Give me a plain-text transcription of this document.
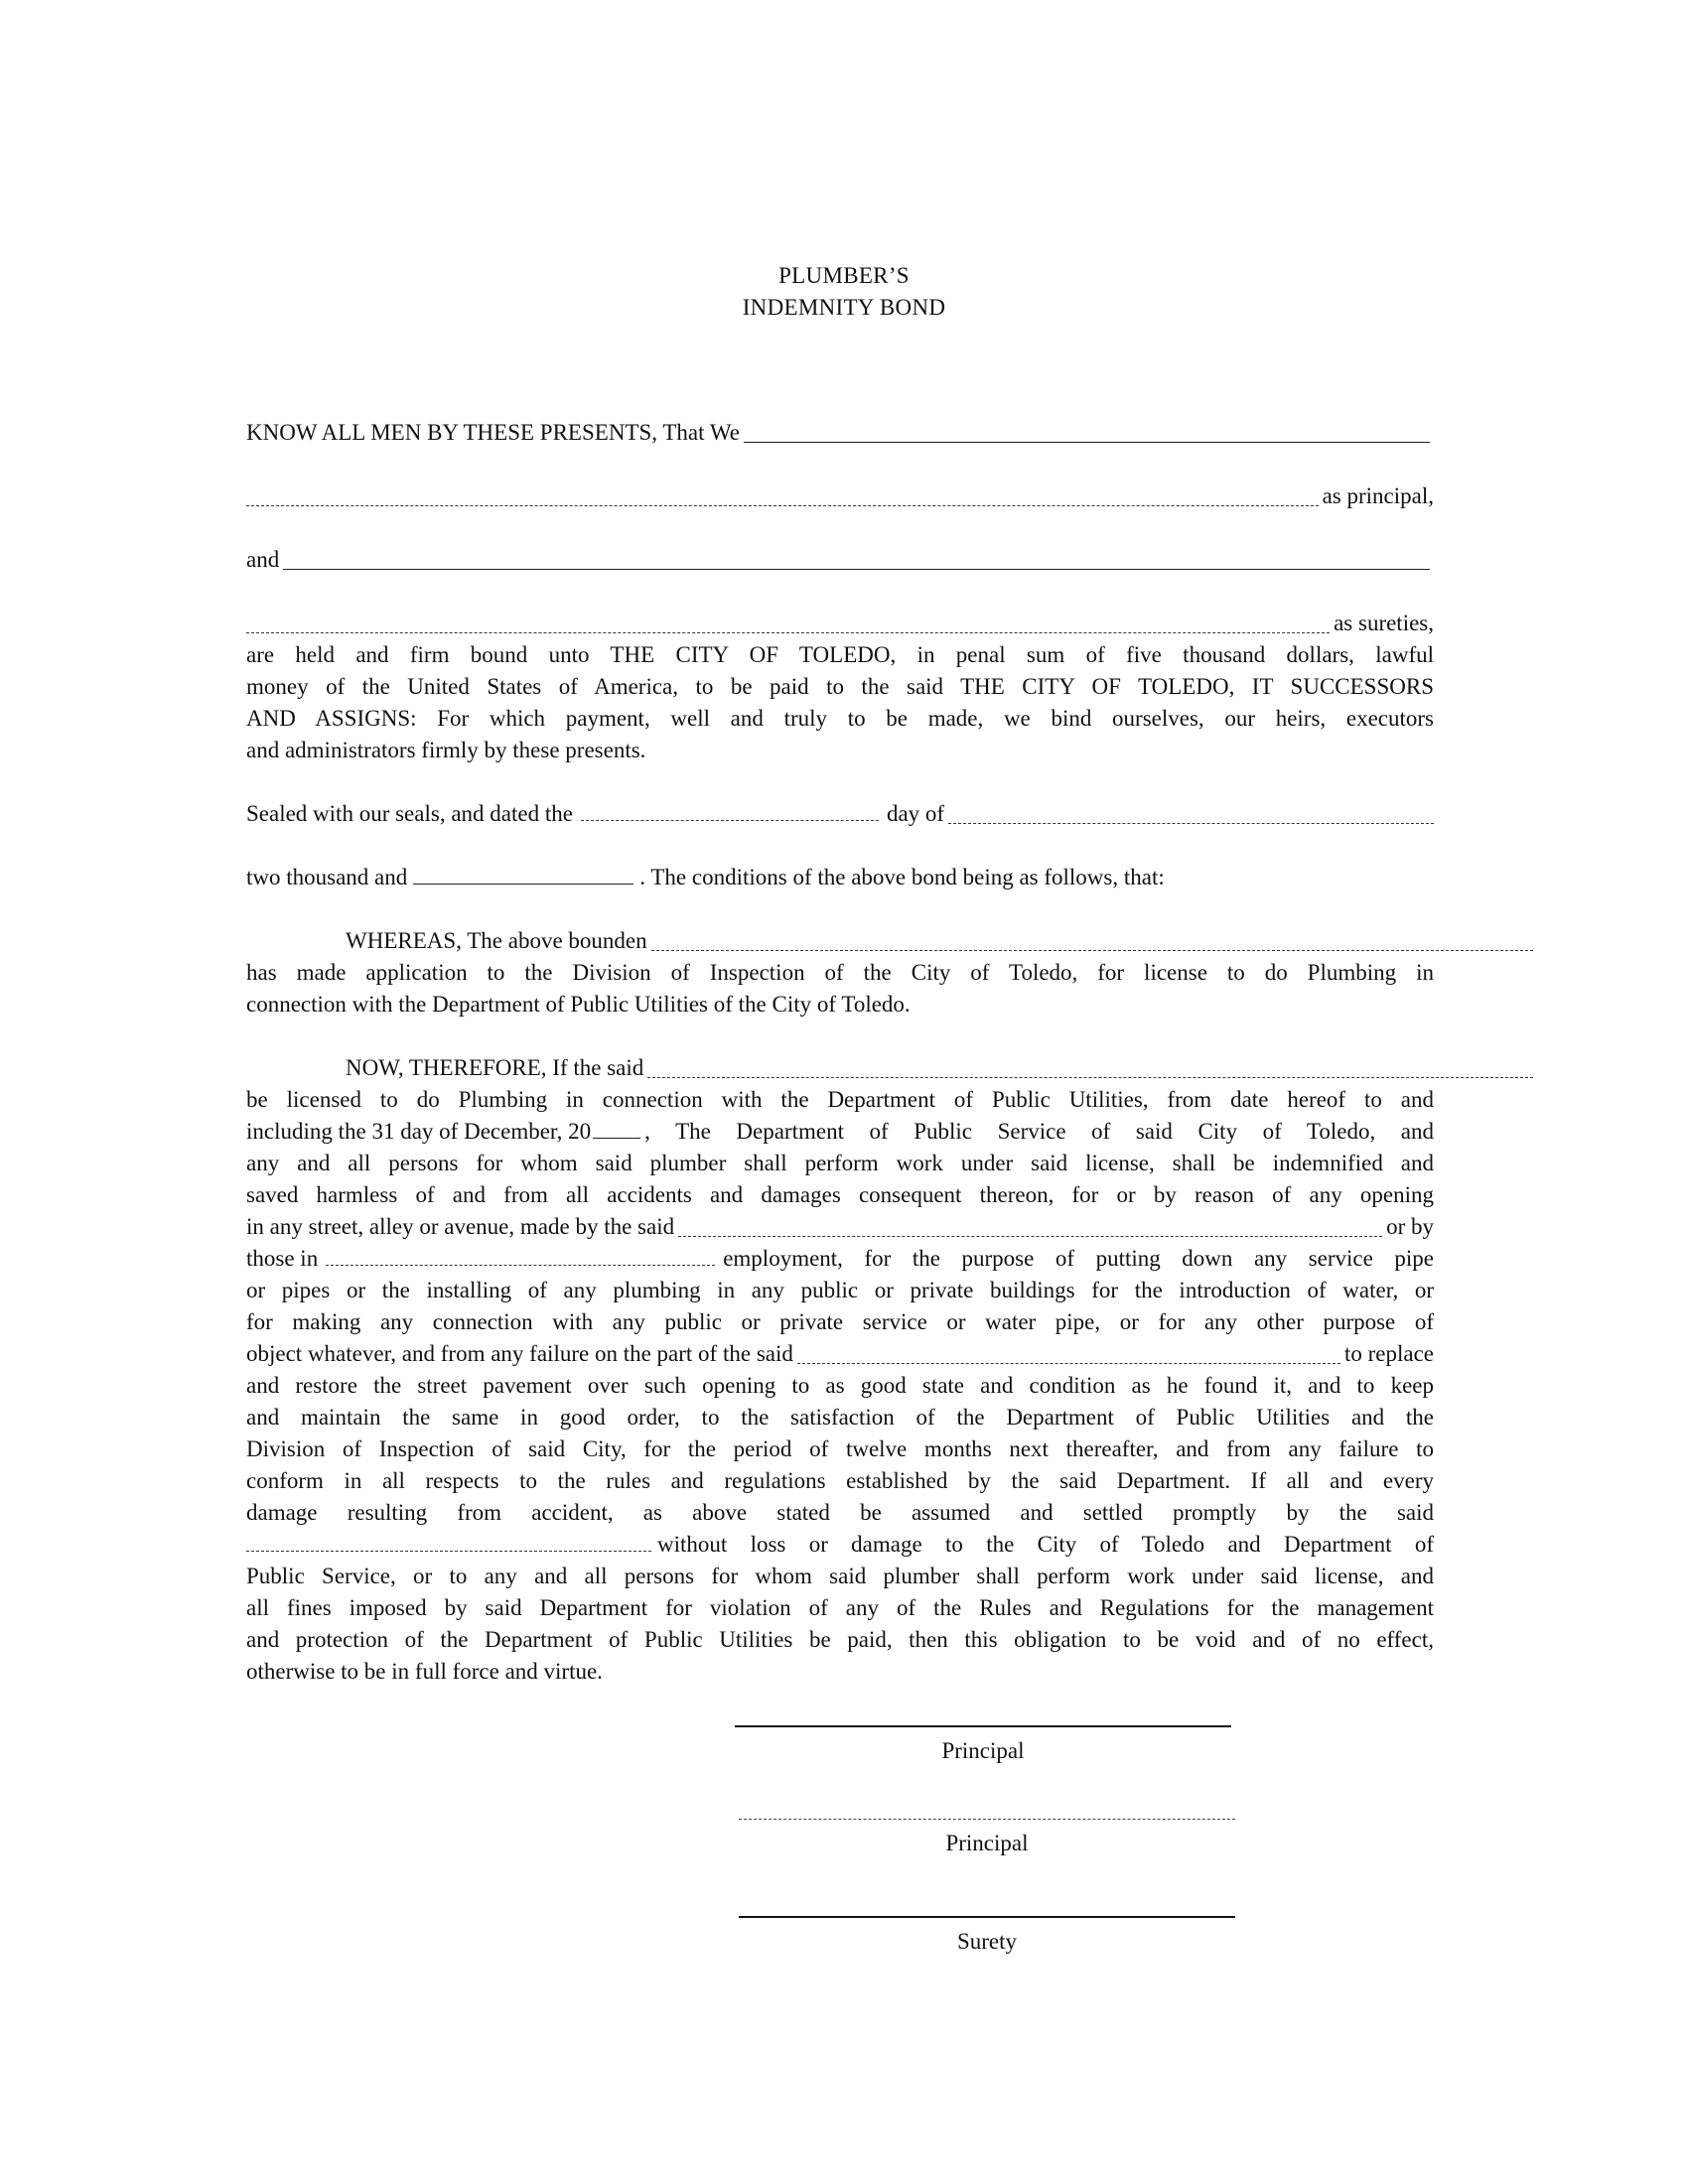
PLUMBER’S
INDEMNITY BOND
KNOW ALL MEN BY THESE PRESENTS, That We
as principal,
and
as sureties,

are held and firm bound unto THE CITY OF TOLEDO, in penal sum of five thousand dollars, lawful

money of the United States of America, to be paid to the said THE CITY OF TOLEDO, IT SUCCESSORS

AND ASSIGNS: For which payment, well and truly to be made, we bind ourselves, our heirs, executors

and administrators firmly by these presents.

Sealed with our seals, and dated the	day of
two thousand and	. The conditions of the above bond being as follows, that:
WHEREAS, The above bounden

has made application to the Division of Inspection of the City of Toledo, for license to do Plumbing in

connection with the Department of Public Utilities of the City of Toledo.

NOW, THEREFORE, If the said
be licensed to do Plumbing in connection with the Department of Public Utilities, from date hereof to and
including the 31 day of December, 20 , The Department of Public Service of said City of Toledo, and
any and all persons for whom said plumber shall perform work under said license, shall be indemnified and
saved harmless of and from all accidents and damages consequent thereon, for or by reason of any opening
in any street, alley or avenue, made by the said	or by
those in	employment, for the purpose of putting down any service pipe
or pipes or the installing of any plumbing in any public or private buildings for the introduction of water, or
for making any connection with any public or private service or water pipe, or for any other purpose of
object whatever, and from any failure on the part of the said	to replace
and restore the street pavement over such opening to as good state and condition as he found it, and to keep
and maintain the same in good order, to the satisfaction of the Department of Public Utilities and the
Division of Inspection of said City, for the period of twelve months next thereafter, and from any failure to
conform in all respects to the rules and regulations established by the said Department. If all and every
damage resulting from accident, as above stated be assumed and settled promptly by the said
without loss or damage to the City of Toledo and Department of
Public Service, or to any and all persons for whom said plumber shall perform work under said license, and
all fines imposed by said Department for violation of any of the Rules and Regulations for the management
and protection of the Department of Public Utilities be paid, then this obligation to be void and of no effect,
otherwise to be in full force and virtue.
Principal
Principal
Surety
